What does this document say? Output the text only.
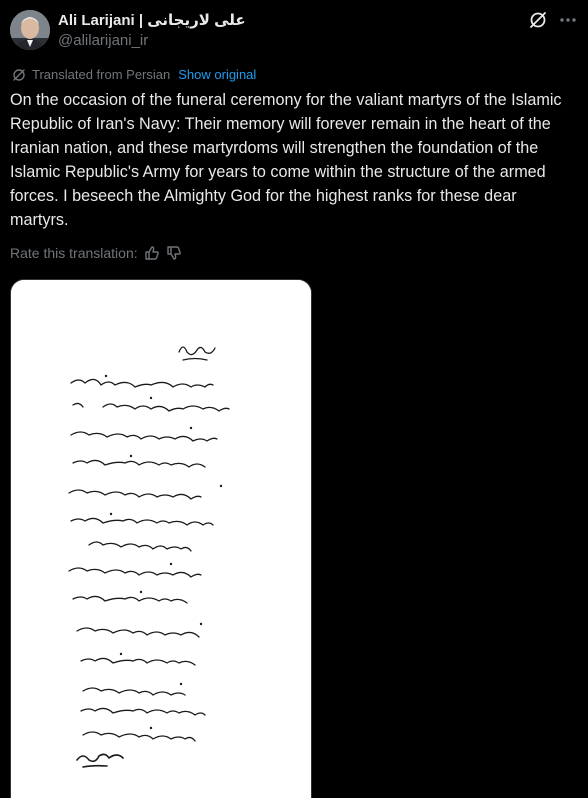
Ali Larijani | علی لاریجانی
@alilarijani_ir
Translated from Persian Show original
On the occasion of the funeral ceremony for the valiant martyrs of the Islamic Republic of Iran's Navy: Their memory will forever remain in the heart of the Iranian nation, and these martyrdoms will strengthen the foundation of the Islamic Republic's Army for years to come within the structure of the armed forces. I beseech the Almighty God for the highest ranks for these dear martyrs.
Rate this translation:
